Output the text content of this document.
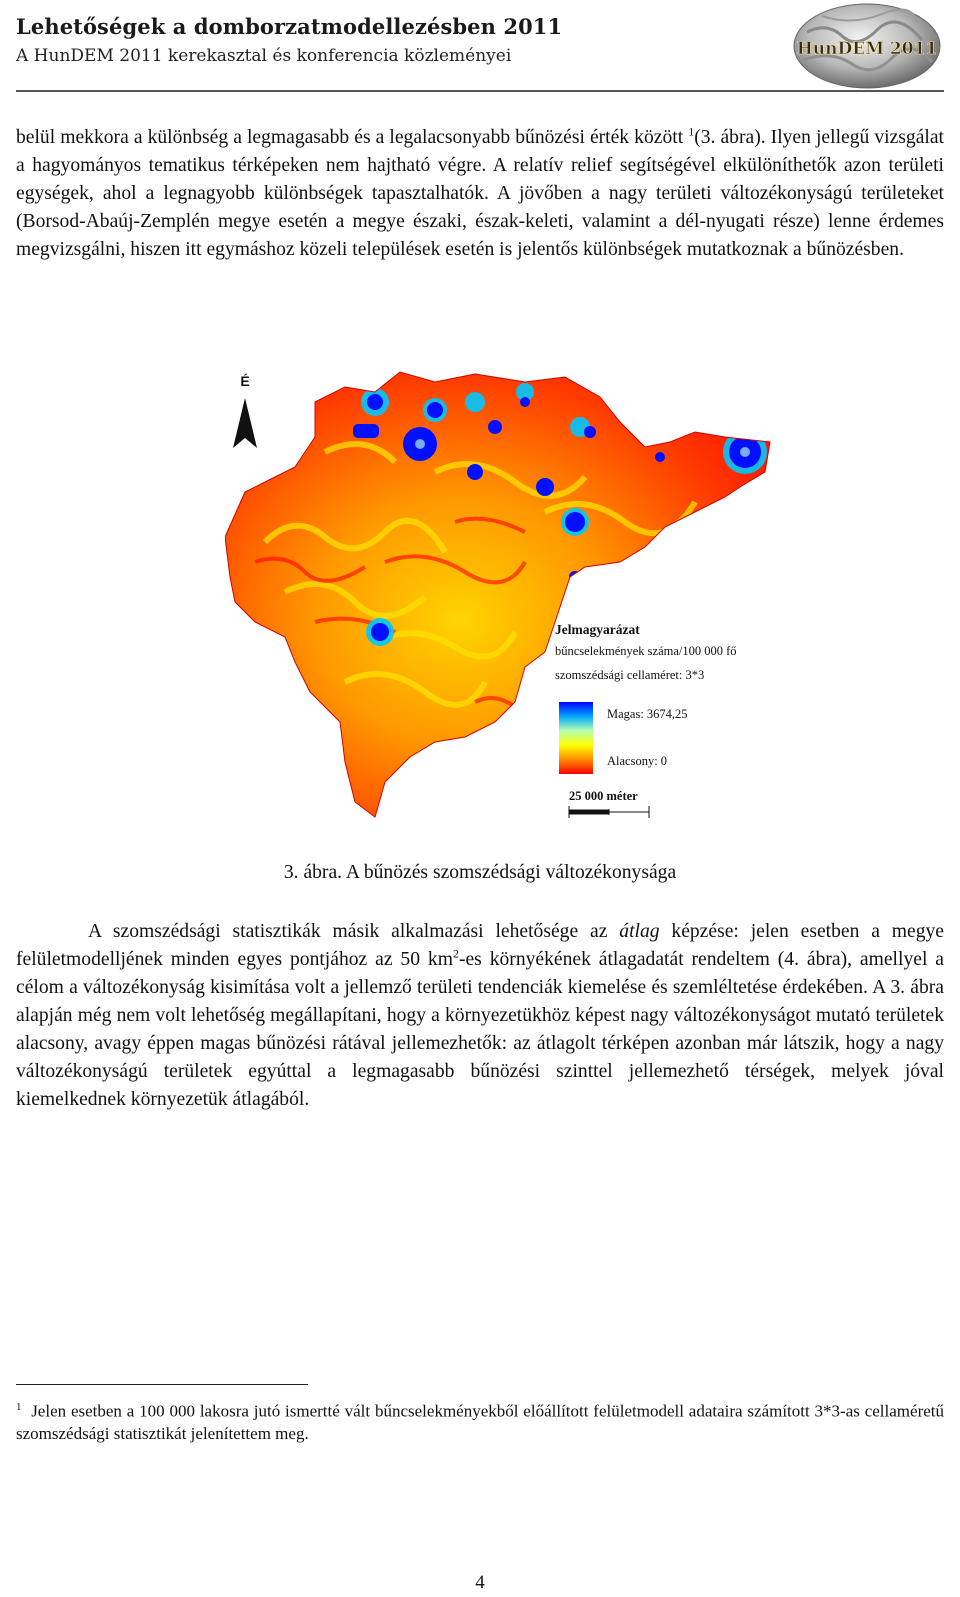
Lehetőségek a domborzatmodellezésben 2011
A HunDEM 2011 kerekasztal és konferencia közleményei	HunDEM 2011

belül mekkora a különbség a legmagasabb és a legalacsonyabb bűnözési érték között $^1$(3. ábra). Ilyen jellegű vizsgálat a hagyományos tematikus térképeken nem hajtható végre. A relatív relief segítségével elkülöníthetők azon területi egységek, ahol a legnagyobb különbségek tapasztalhatók. A jövőben a nagy területi változékonyságú területeket (Borsod-Abaúj-Zemplén megye esetén a megye északi, észak-keleti, valamint a dél-nyugati része) lenne érdemes megvizsgálni, hiszen itt egymáshoz közeli települések esetén is jelentős különbségek mutatkoznak a bűnözésben.

É
Jelmagyarázat
bűncselekmények száma/100 000 fő
szomszédsági cellaméret: 3*3
Magas: 3674,25
Alacsony: 0
25 000 méter
3. ábra. A bűnözés szomszédsági változékonysága

A szomszédsági statisztikák másik alkalmazási lehetősége az átlag képzése: jelen esetben a megye felületmodelljének minden egyes pontjához az 50 $km^2-es$ környékének átlagadatát rendeltem (4. ábra), amellyel a célom a változékonyság kisimítása volt a jellemző területi tendenciák kiemelése és szemléltetése érdekében. A 3. ábra alapján még nem volt lehetőség megállapítani, hogy a környezetükhöz képest nagy változékonyságot mutató területek alacsony, avagy éppen magas bűnözési rátával jellemezhetők: az átlagolt térképen azonban már látszik, hogy a nagy változékonyságú területek egyúttal a legmagasabb bűnözési szinttel jellemezhető térségek, melyek jóval kiemelkednek környezetük átlagából.

$^1$ Jelen esetben a 100 000 lakosra jutó ismertté vált bűncselekményekből előállított felületmodell adataira számított 3*3-as cellaméretű szomszédsági statisztikát jelenítettem meg.

4
